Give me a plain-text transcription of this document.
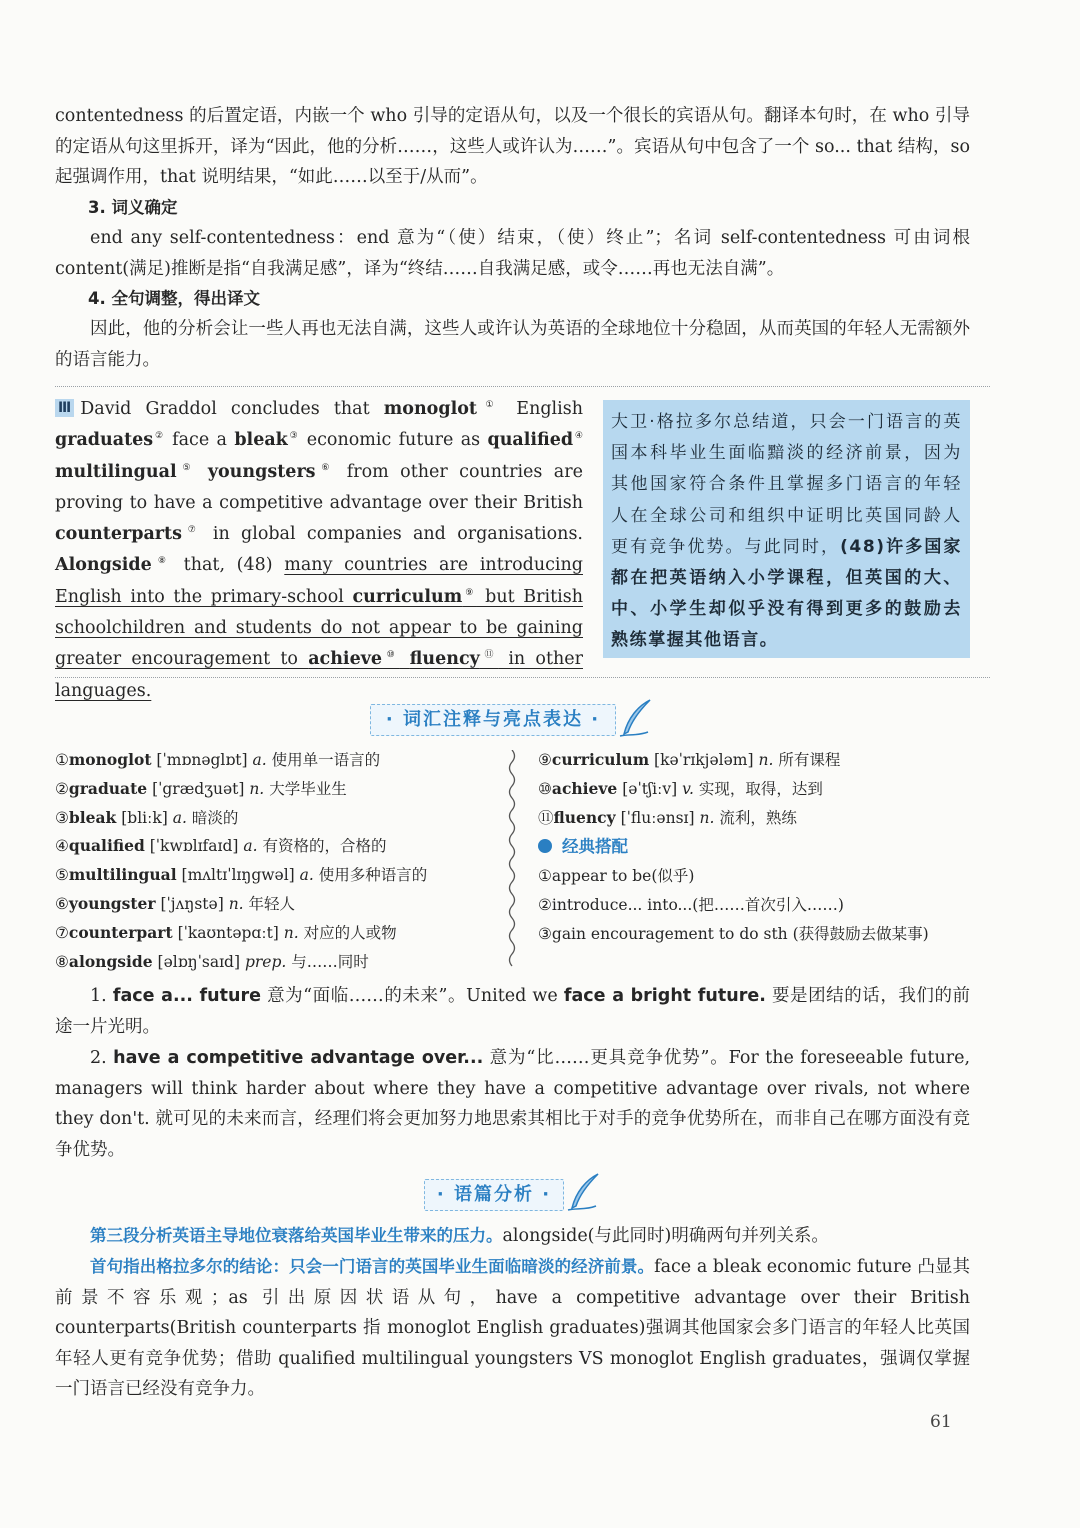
contentedness 的后置定语，内嵌一个 who 引导的定语从句，以及一个很长的宾语从句。翻译本句时，在 who 引导的定语从句这里拆开，译为“因此，他的分析……，这些人或许认为……”。宾语从句中包含了一个 so... that 结构，so 起强调作用，that 说明结果，“如此……以至于/从而”。
3. 词义确定
end any self-contentedness：end 意为“（使）结束，（使）终止”；名词 self-contentedness 可由词根 content(满足)推断是指“自我满足感”，译为“终结……自我满足感，或令……再也无法自满”。
4. 全句调整，得出译文
因此，他的分析会让一些人再也无法自满，这些人或许认为英语的全球地位十分稳固，从而英国的年轻人无需额外的语言能力。
Ⅲ David Graddol concludes that monoglot① English graduates② face a bleak③ economic future as qualified④ multilingual⑤ youngsters⑥ from other countries are proving to have a competitive advantage over their British counterparts⑦ in global companies and organisations. Alongside⑧ that, (48) many countries are introducing English into the primary-school curriculum⑨ but British schoolchildren and students do not appear to be gaining greater encouragement to achieve⑩ fluency⑪ in other languages.
大卫·格拉多尔总结道，只会一门语言的英国本科毕业生面临黯淡的经济前景，因为其他国家符合条件且掌握多门语言的年轻人在全球公司和组织中证明比英国同龄人更有竞争优势。与此同时，(48)许多国家都在把英语纳入小学课程，但英国的大、中、小学生却似乎没有得到更多的鼓励去熟练掌握其他语言。
· 词汇注释与亮点表达 ·
①monoglot [ˈmɒnəglɒt] a. 使用单一语言的
②graduate [ˈgrædʒuət] n. 大学毕业生
③bleak [bliːk] a. 暗淡的
④qualified [ˈkwɒlɪfaɪd] a. 有资格的，合格的
⑤multilingual [mʌltɪˈlɪŋgwəl] a. 使用多种语言的
⑥youngster [ˈjʌŋstə] n. 年轻人
⑦counterpart [ˈkaʊntəpɑːt] n. 对应的人或物
⑧alongside [əlɒŋˈsaɪd] prep. 与……同时
⑨curriculum [kəˈrɪkjələm] n. 所有课程
⑩achieve [əˈtʃiːv] v. 实现，取得，达到
⑪fluency [ˈfluːənsɪ] n. 流利，熟练
经典搭配
①appear to be(似乎)
②introduce... into...(把……首次引入……)
③gain encouragement to do sth (获得鼓励去做某事)
1. face a... future 意为“面临……的未来”。United we face a bright future. 要是团结的话，我们的前途一片光明。
2. have a competitive advantage over... 意为“比……更具竞争优势”。For the foreseeable future, managers will think harder about where they have a competitive advantage over rivals, not where they don't. 就可见的未来而言，经理们将会更加努力地思索其相比于对手的竞争优势所在，而非自己在哪方面没有竞争优势。
· 语篇分析 ·
第三段分析英语主导地位衰落给英国毕业生带来的压力。alongside(与此同时)明确两句并列关系。
首句指出格拉多尔的结论：只会一门语言的英国毕业生面临暗淡的经济前景。face a bleak economic future 凸显其前景不容乐观；as 引出原因状语从句，have a competitive advantage over their British counterparts(British counterparts 指 monoglot English graduates)强调其他国家会多门语言的年轻人比英国年轻人更有竞争优势；借助 qualified multilingual youngsters VS monoglot English graduates，强调仅掌握一门语言已经没有竞争力。
61
